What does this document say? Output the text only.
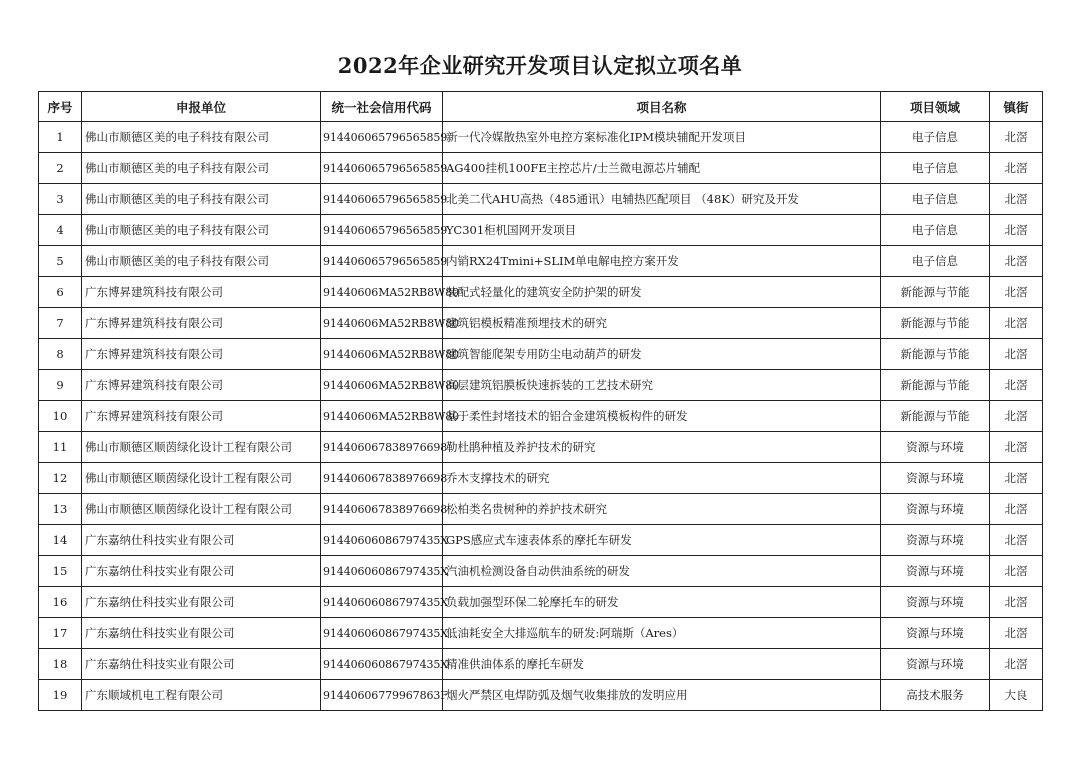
2022年企业研究开发项目认定拟立项名单
序号	申报单位	统一社会信用代码	项目名称	项目领域	镇街
1	佛山市顺德区美的电子科技有限公司	914406065796565859	新一代冷媒散热室外电控方案标准化IPM模块辅配开发项目	电子信息	北滘
2	佛山市顺德区美的电子科技有限公司	914406065796565859	AG400挂机100FE主控芯片/士兰微电源芯片辅配	电子信息	北滘
3	佛山市顺德区美的电子科技有限公司	914406065796565859	北美二代AHU高热（485通讯）电辅热匹配项目 （48K）研究及开发	电子信息	北滘
4	佛山市顺德区美的电子科技有限公司	914406065796565859	YC301柜机国网开发项目	电子信息	北滘
5	佛山市顺德区美的电子科技有限公司	914406065796565859	内销RX24Tmini+SLIM单电解电控方案开发	电子信息	北滘
6	广东博昇建筑科技有限公司	91440606MA52RB8W80	装配式轻量化的建筑安全防护架的研发	新能源与节能	北滘
7	广东博昇建筑科技有限公司	91440606MA52RB8W80	建筑铝模板精准预埋技术的研究	新能源与节能	北滘
8	广东博昇建筑科技有限公司	91440606MA52RB8W80	建筑智能爬架专用防尘电动葫芦的研发	新能源与节能	北滘
9	广东博昇建筑科技有限公司	91440606MA52RB8W80	高层建筑铝膜板快速拆装的工艺技术研究	新能源与节能	北滘
10	广东博昇建筑科技有限公司	91440606MA52RB8W80	基于柔性封堵技术的铝合金建筑模板构件的研发	新能源与节能	北滘
11	佛山市顺德区顺茵绿化设计工程有限公司	914406067838976698	勒杜鹃种植及养护技术的研究	资源与环境	北滘
12	佛山市顺德区顺茵绿化设计工程有限公司	914406067838976698	乔木支撑技术的研究	资源与环境	北滘
13	佛山市顺德区顺茵绿化设计工程有限公司	914406067838976698	松柏类名贵树种的养护技术研究	资源与环境	北滘
14	广东嘉纳仕科技实业有限公司	91440606086797435X	GPS感应式车速表体系的摩托车研发	资源与环境	北滘
15	广东嘉纳仕科技实业有限公司	91440606086797435X	汽油机检测设备自动供油系统的研发	资源与环境	北滘
16	广东嘉纳仕科技实业有限公司	91440606086797435X	负载加强型环保二轮摩托车的研发	资源与环境	北滘
17	广东嘉纳仕科技实业有限公司	91440606086797435X	低油耗安全大排巡航车的研发:阿瑞斯（Ares）	资源与环境	北滘
18	广东嘉纳仕科技实业有限公司	91440606086797435X	精准供油体系的摩托车研发	资源与环境	北滘
19	广东顺域机电工程有限公司	91440606779967863F	烟火严禁区电焊防弧及烟气收集排放的发明应用	高技术服务	大良
